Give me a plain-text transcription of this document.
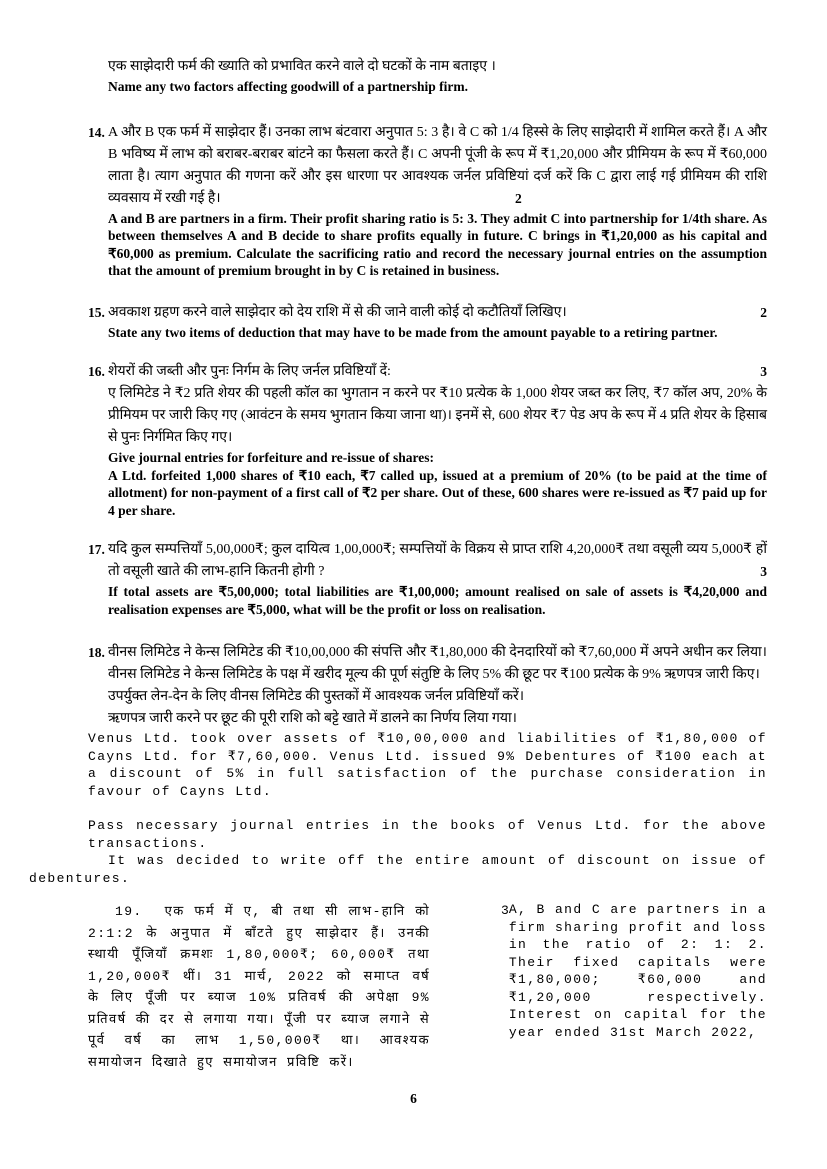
एक साझेदारी फर्म की ख्याति को प्रभावित करने वाले दो घटकों के नाम बताइए ।

Name any two factors affecting goodwill of a partnership firm.

14. A और B एक फर्म में साझेदार हैं। उनका लाभ बंटवारा अनुपात 5: 3 है। वे C को 1/4 हिस्से के लिए साझेदारी में शामिल करते हैं। A और B भविष्य में लाभ को बराबर-बराबर बांटने का फैसला करते हैं। C अपनी पूंजी के रूप में ₹1,20,000 और प्रीमियम के रूप में ₹60,000 लाता है। त्याग अनुपात की गणना करें और इस धारणा पर आवश्यक जर्नल प्रविष्टियां दर्ज करें कि C द्वारा लाई गई प्रीमियम की राशि व्यवसाय में रखी गई है।

A and B are partners in a firm. Their profit sharing ratio is 5: 3. They admit C into partnership for 1/4th share. As between themselves A and B decide to share profits equally in future. C brings in ₹1,20,000 as his capital and ₹60,000 as premium. Calculate the sacrificing ratio and record the necessary journal entries on the assumption that the amount of premium brought in by C is retained in business.

2
15. अवकाश ग्रहण करने वाले साझेदार को देय राशि में से की जाने वाली कोई दो कटौतियाँ लिखिए।

State any two items of deduction that may have to be made from the amount payable to a retiring partner.

2
16. शेयरों की जब्ती और पुनः निर्गम के लिए जर्नल प्रविष्टियाँ दें:

ए लिमिटेड ने ₹2 प्रति शेयर की पहली कॉल का भुगतान न करने पर ₹10 प्रत्येक के 1,000 शेयर जब्त कर लिए, ₹7 कॉल अप, 20% के प्रीमियम पर जारी किए गए (आवंटन के समय भुगतान किया जाना था)। इनमें से, 600 शेयर ₹7 पेड अप के रूप में 4 प्रति शेयर के हिसाब से पुनः निर्गमित किए गए।

Give journal entries for forfeiture and re-issue of shares:

A Ltd. forfeited 1,000 shares of ₹10 each, ₹7 called up, issued at a premium of 20% (to be paid at the time of allotment) for non-payment of a first call of ₹2 per share. Out of these, 600 shares were re-issued as ₹7 paid up for 4 per share.

3
17. यदि कुल सम्पत्तियाँ 5,00,000₹; कुल दायित्व 1,00,000₹; सम्पत्तियों के विक्रय से प्राप्त राशि 4,20,000₹ तथा वसूली व्यय 5,000₹ हों तो वसूली खाते की लाभ-हानि कितनी होगी ?

If total assets are ₹5,00,000; total liabilities are ₹1,00,000; amount realised on sale of assets is ₹4,20,000 and realisation expenses are ₹5,000, what will be the profit or loss on realisation.

3
18. वीनस लिमिटेड ने केन्स लिमिटेड की ₹10,00,000 की संपत्ति और ₹1,80,000 की देनदारियों को ₹7,60,000 में अपने अधीन कर लिया। वीनस लिमिटेड ने केन्स लिमिटेड के पक्ष में खरीद मूल्य की पूर्ण संतुष्टि के लिए 5% की छूट पर ₹100 प्रत्येक के 9% ऋणपत्र जारी किए।

उपर्युक्त लेन-देन के लिए वीनस लिमिटेड की पुस्तकों में आवश्यक जर्नल प्रविष्टियाँ करें।

ऋणपत्र जारी करने पर छूट की पूरी राशि को बट्टे खाते में डालने का निर्णय लिया गया।

Venus Ltd. took over assets of ₹10,00,000 and liabilities of ₹1,80,000 of Cayns Ltd. for ₹7,60,000. Venus Ltd. issued 9% Debentures of ₹100 each at a discount of 5% in full satisfaction of the purchase consideration in favour of Cayns Ltd.

Pass necessary journal entries in the books of Venus Ltd. for the above transactions.

It was decided to write off the entire amount of discount on issue of debentures.

19. एक फर्म में ए, बी तथा सी लाभ-हानि को 2:1:2 के अनुपात में बाँटते हुए साझेदार हैं। उनकी स्थायी पूँजियाँ क्रमशः 1,80,000₹; 60,000₹ तथा 1,20,000₹ थीं। 31 मार्च, 2022 को समाप्त वर्ष के लिए पूँजी पर ब्याज 10% प्रतिवर्ष की अपेक्षा 9% प्रतिवर्ष की दर से लगाया गया। पूँजी पर ब्याज लगाने से पूर्व वर्ष का लाभ 1,50,000₹ था। आवश्यक समायोजन दिखाते हुए समायोजन प्रविष्टि करें।

3 A, B and C are partners in a firm sharing profit and loss in the ratio of 2: 1: 2. Their fixed capitals were ₹1,80,000; ₹60,000 and ₹1,20,000 respectively. Interest on capital for the year ended 31st March 2022,

6
